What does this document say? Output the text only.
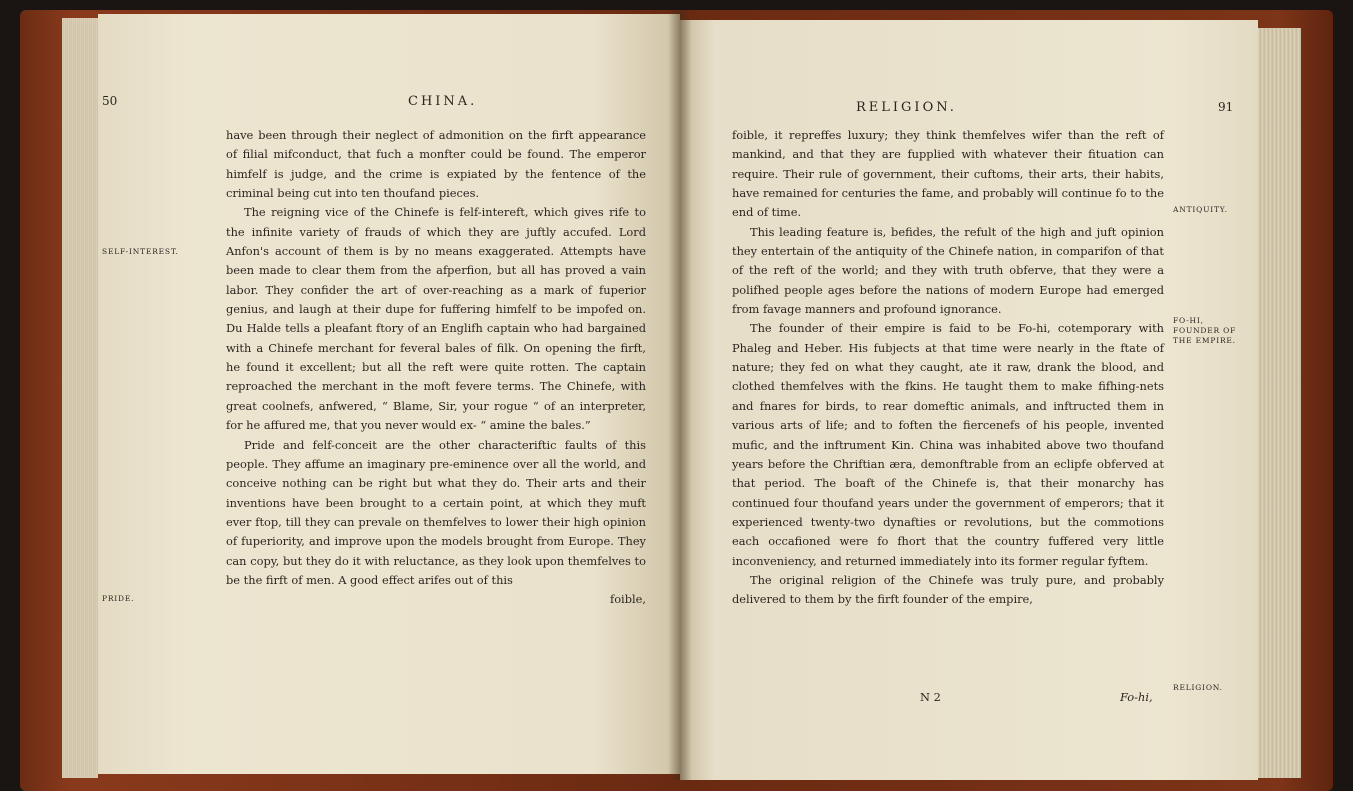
50	CHINA.
SELF-INTEREST.
PRIDE.

have been through their neglect of admonition on the firft appearance of filial mifconduct, that fuch a monfter could be found. The emperor himfelf is judge, and the crime is expiated by the fentence of the criminal being cut into ten thoufand pieces.

The reigning vice of the Chinefe is felf-intereft, which gives rife to the infinite variety of frauds of which they are juftly accufed. Lord Anfon's account of them is by no means exaggerated. Attempts have been made to clear them from the afperfion, but all has proved a vain labor. They confider the art of over-reaching as a mark of fuperior genius, and laugh at their dupe for fuffering himfelf to be impofed on. Du Halde tells a pleafant ftory of an Englifh captain who had bargained with a Chinefe merchant for feveral bales of filk. On opening the firft, he found it excellent; but all the reft were quite rotten. The captain reproached the merchant in the moft fevere terms. The Chinefe, with great coolnefs, anfwered, “ Blame, Sir, your rogue “ of an interpreter, for he affured me, that you never would ex- “ amine the bales.”

Pride and felf-conceit are the other characteriftic faults of this people. They affume an imaginary pre-eminence over all the world, and conceive nothing can be right but what they do. Their arts and their inventions have been brought to a certain point, at which they muft ever ftop, till they can prevale on themfelves to lower their high opinion of fuperiority, and improve upon the models brought from Europe. They can copy, but they do it with reluctance, as they look upon themfelves to be the firft of men. A good effect arifes out of this

foible,
RELIGION.	91
ANTIQUITY.
FO-HI, FOUNDER OF THE EMPIRE.
RELIGION.

foible, it repreffes luxury; they think themfelves wifer than the reft of mankind, and that they are fupplied with whatever their fituation can require. Their rule of government, their cuftoms, their arts, their habits, have remained for centuries the fame, and probably will continue fo to the end of time.

This leading feature is, befides, the refult of the high and juft opinion they entertain of the antiquity of the Chinefe nation, in comparifon of that of the reft of the world; and they with truth obferve, that they were a polifhed people ages before the nations of modern Europe had emerged from favage manners and profound ignorance.

The founder of their empire is faid to be Fo-hi, cotemporary with Phaleg and Heber. His fubjects at that time were nearly in the ftate of nature; they fed on what they caught, ate it raw, drank the blood, and clothed themfelves with the fkins. He taught them to make fifhing-nets and fnares for birds, to rear domeftic animals, and inftructed them in various arts of life; and to foften the fiercenefs of his people, invented mufic, and the inftrument Kin. China was inhabited above two thoufand years before the Chriftian æra, demonftrable from an eclipfe obferved at that period. The boaft of the Chinefe is, that their monarchy has continued four thoufand years under the government of emperors; that it experienced twenty-two dynafties or revolutions, but the commotions each occafioned were fo fhort that the country fuffered very little inconveniency, and returned immediately into its former regular fyftem.

The original religion of the Chinefe was truly pure, and probably delivered to them by the firft founder of the empire,

N 2	Fo-hi,
